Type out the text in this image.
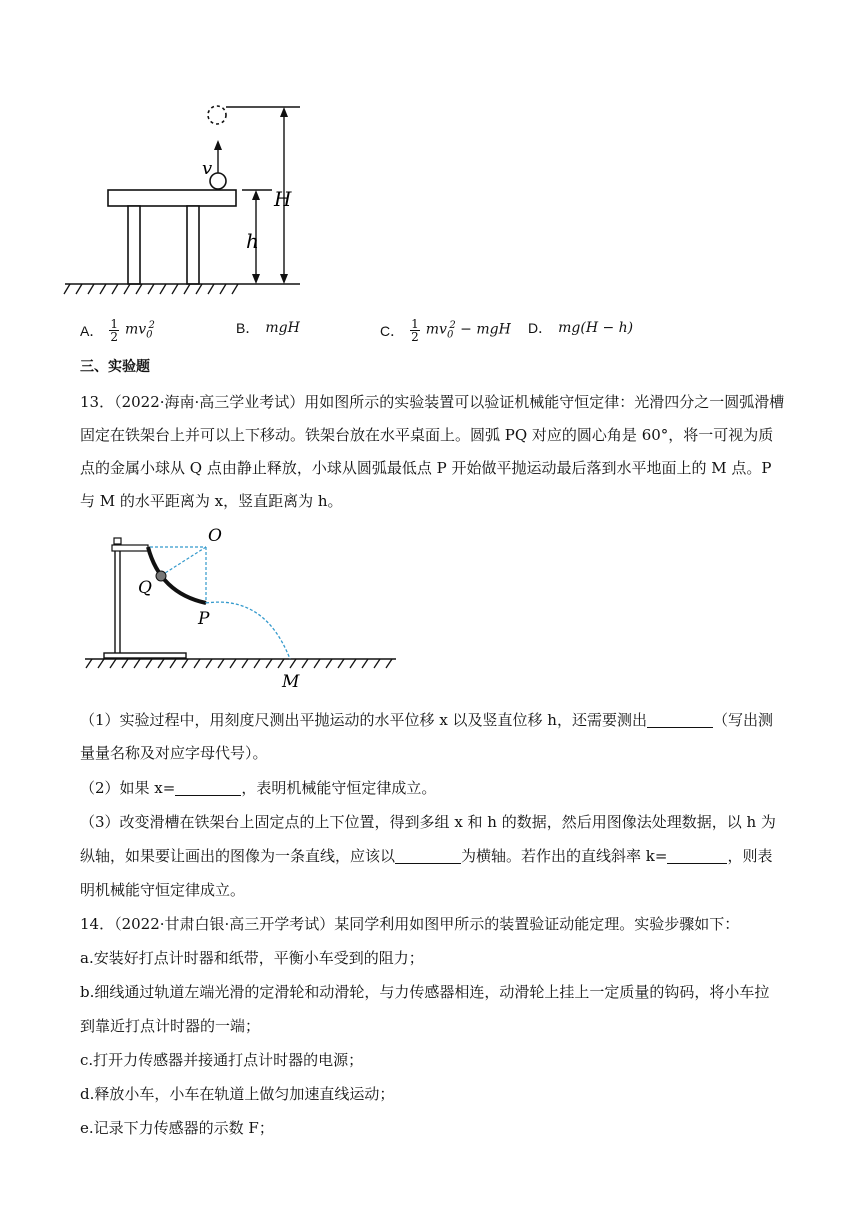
v
h
H
A． $\frac{1}{2} mv_0^2$	B． mgH	C． $\frac{1}{2} mv_0^2$ − mgH D． mg(H − h)
三、实验题
13．（2022·海南·高三学业考试）用如图所示的实验装置可以验证机械能守恒定律：光滑四分之一圆弧滑槽
固定在铁架台上并可以上下移动。铁架台放在水平桌面上。圆弧 PQ 对应的圆心角是 60°，将一可视为质
点的金属小球从 Q 点由静止释放，小球从圆弧最低点 P 开始做平抛运动最后落到水平地面上的 M 点。P
与 M 的水平距离为 x，竖直距离为 h。
O
Q
P
M
（1）实验过程中，用刻度尺测出平抛运动的水平位移 x 以及竖直位移 h，还需要测出	（写出测
量量名称及对应字母代号）。
（2）如果 x=	，表明机械能守恒定律成立。
（3）改变滑槽在铁架台上固定点的上下位置，得到多组 x 和 h 的数据，然后用图像法处理数据，以 h 为
纵轴，如果要让画出的图像为一条直线，应该以	为横轴。若作出的直线斜率 k=	，则表
明机械能守恒定律成立。
14．（2022·甘肃白银·高三开学考试）某同学利用如图甲所示的装置验证动能定理。实验步骤如下：
a.安装好打点计时器和纸带，平衡小车受到的阻力；
b.细线通过轨道左端光滑的定滑轮和动滑轮，与力传感器相连，动滑轮上挂上一定质量的钩码，将小车拉
到靠近打点计时器的一端；
c.打开力传感器并接通打点计时器的电源；
d.释放小车，小车在轨道上做匀加速直线运动；
e.记录下力传感器的示数 F；
